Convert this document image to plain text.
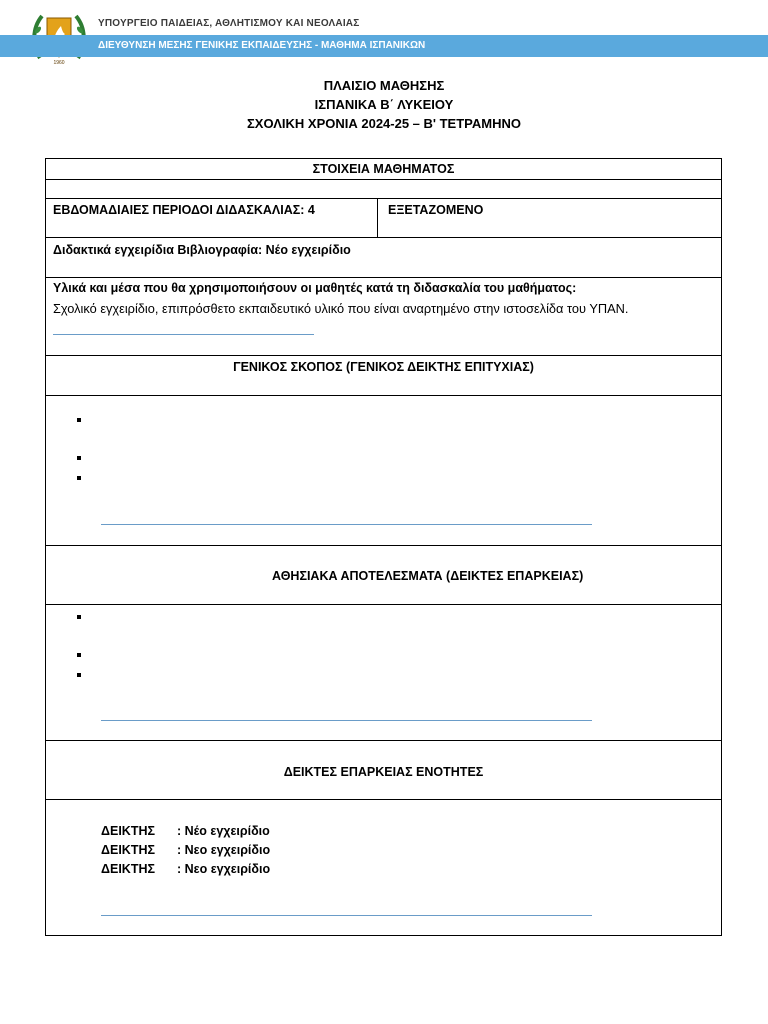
1960
ΥΠΟΥΡΓΕΙΟ ΠΑΙΔΕΙΑΣ, ΑΘΛΗΤΙΣΜΟΥ ΚΑΙ ΝΕΟΛΑΙΑΣ
ΔΙΕΥΘΥΝΣΗ ΜΕΣΗΣ ΓΕΝΙΚΗΣ ΕΚΠΑΙΔΕΥΣΗΣ - ΜΑΘΗΜΑ ΙΣΠΑΝΙΚΩΝ
ΠΛΑΙΣΙΟ ΜΑΘΗΣΗΣ
ΙΣΠΑΝΙΚΑ Β΄ ΛΥΚΕΙΟΥ
ΣΧΟΛΙΚΗ ΧΡΟΝΙΑ 2024-25 – Β' ΤΕΤΡΑΜΗΝΟ
ΣΤΟΙΧΕΙΑ ΜΑΘΗΜΑΤΟΣ
ΕΒΔΟΜΑΔΙΑΙΕΣ ΠΕΡΙΟΔΟΙ ΔΙΔΑΣΚΑΛΙΑΣ: 4	ΕΞΕΤΑΖΟΜΕΝΟ
Διδακτικά εγχειρίδια Βιβλιογραφία: Νέο εγχειρίδιο
Υλικά και μέσα που θα χρησιμοποιήσουν οι μαθητές κατά τη διδασκαλία του μαθήματος:
Σχολικό εγχειρίδιο, επιπρόσθετο εκπαιδευτικό υλικό που είναι αναρτημένο στην ιστοσελίδα του ΥΠΑΝ.
ΓΕΝΙΚΟΣ ΣΚΟΠΟΣ (ΓΕΝΙΚΟΣ ΔΕΙΚΤΗΣ ΕΠΙΤΥΧΙΑΣ)
ΑΘΗΣΙΑΚΑ ΑΠΟΤΕΛΕΣΜΑΤΑ (ΔΕΙΚΤΕΣ ΕΠΑΡΚΕΙΑΣ)
ΔΕΙΚΤΕΣ ΕΠΑΡΚΕΙΑΣ ΕΝΟΤΗΤΕΣ
ΔΕΙΚΤΗΣ : Νέο εγχειρίδιο
ΔΕΙΚΤΗΣ : Νεο εγχειρίδιο
ΔΕΙΚΤΗΣ : Νεο εγχειρίδιο
